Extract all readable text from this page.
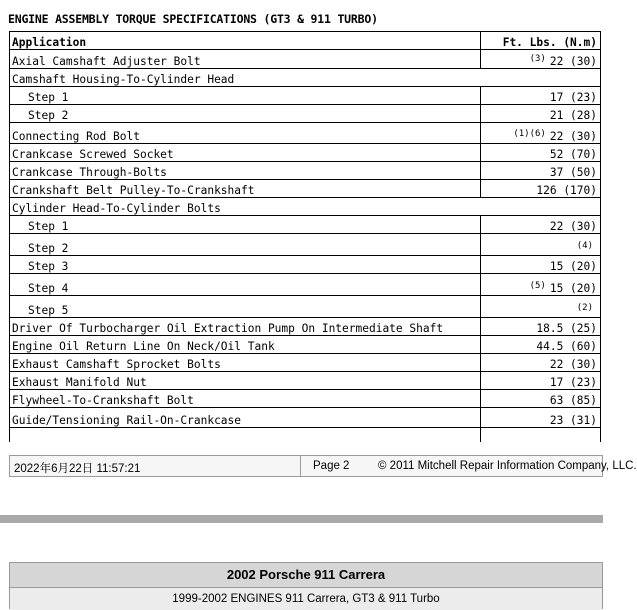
ENGINE ASSEMBLY TORQUE SPECIFICATIONS (GT3 & 911 TURBO)
Application	Ft. Lbs. (N.m)
Axial Camshaft Adjuster Bolt	$^{(3)}$ 22 (30)
Camshaft Housing-To-Cylinder Head	
Step 1	17 (23)
Step 2	21 (28)
Connecting Rod Bolt	$^{(1)(6)}$ 22 (30)
Crankcase Screwed Socket	52 (70)
Crankcase Through-Bolts	37 (50)
Crankshaft Belt Pulley-To-Crankshaft	126 (170)
Cylinder Head-To-Cylinder Bolts	
Step 1	22 (30)
Step 2	$^{(4)}$
Step 3	15 (20)
Step 4	$^{(5)}$ 15 (20)
Step 5	$^{(2)}$
Driver Of Turbocharger Oil Extraction Pump On Intermediate Shaft	18.5 (25)
Engine Oil Return Line On Neck/Oil Tank	44.5 (60)
Exhaust Camshaft Sprocket Bolts	22 (30)
Exhaust Manifold Nut	17 (23)
Flywheel-To-Crankshaft Bolt	63 (85)
Guide/Tensioning Rail-On-Crankcase	23 (31)

2022年6月22日 11:57:21	Page 2 © 2011 Mitchell Repair Information Company, LLC.
2002 Porsche 911 Carrera
1999-2002 ENGINES 911 Carrera, GT3 & 911 Turbo
